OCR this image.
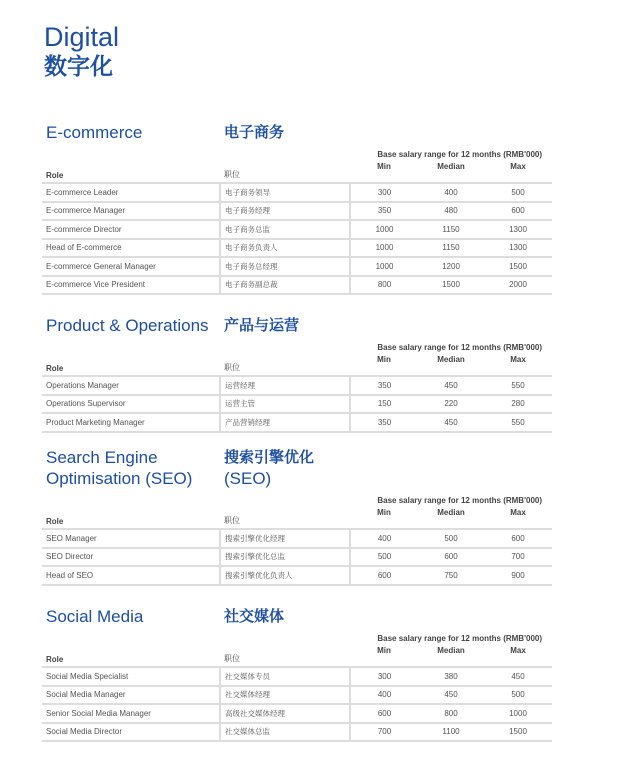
Digital
数字化
E-commerce	电子商务
Base salary range for 12 months (RMB'000)
Role	职位	Min	Median	Max
E-commerce Leader	电子商务领导	300	400	500
E-commerce Manager	电子商务经理	350	480	600
E-commerce Director	电子商务总监	1000	1150	1300
Head of E-commerce	电子商务负责人	1000	1150	1300
E-commerce General Manager	电子商务总经理	1000	1200	1500
E-commerce Vice President	电子商务副总裁	800	1500	2000
Product & Operations 产品与运营
Base salary range for 12 months (RMB'000)
Role	职位	Min	Median	Max
Operations Manager	运营经理	350	450	550
Operations Supervisor	运营主管	150	220	280
Product Marketing Manager	产品营销经理	350	450	550
Search Engine
Optimisation (SEO)
搜索引擎优化
(SEO)
Base salary range for 12 months (RMB'000)
Role	职位	Min	Median	Max
SEO Manager	搜索引擎优化经理	400	500	600
SEO Director	搜索引擎优化总监	500	600	700
Head of SEO	搜索引擎优化负责人	600	750	900
Social Media	社交媒体
Base salary range for 12 months (RMB'000)
Role	职位	Min	Median	Max
Social Media Specialist	社交媒体专员	300	380	450
Social Media Manager	社交媒体经理	400	450	500
Senior Social Media Manager	高级社交媒体经理	600	800	1000
Social Media Director	社交媒体总监	700	1100	1500
